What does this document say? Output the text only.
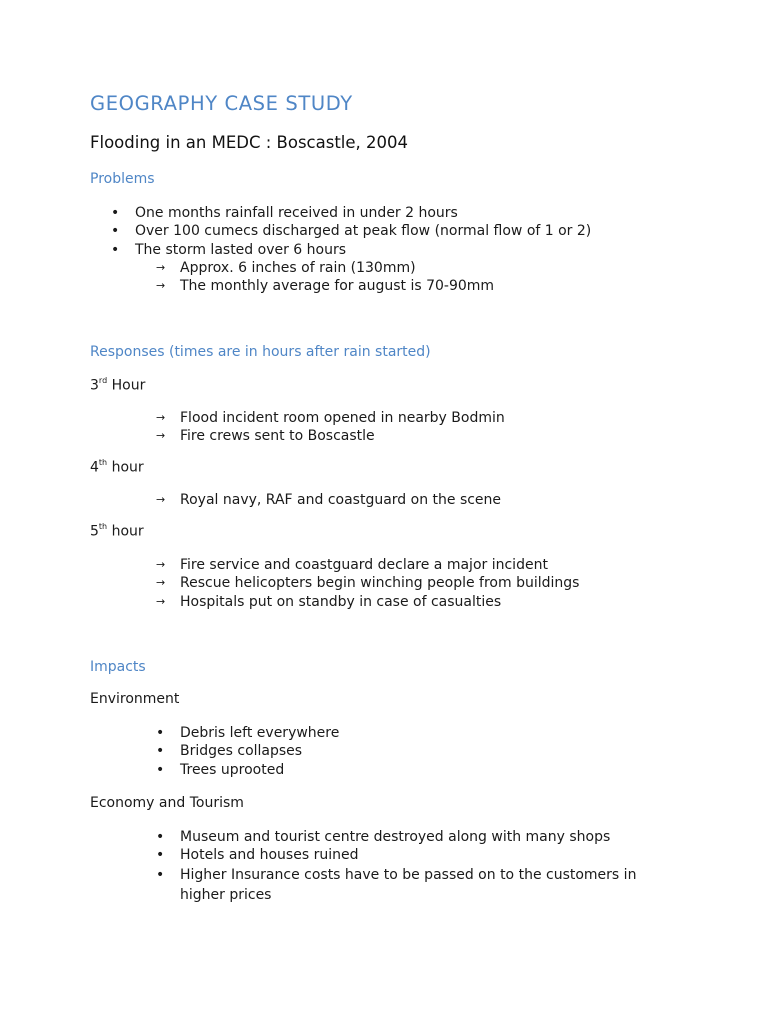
GEOGRAPHY CASE STUDY
Flooding in an MEDC : Boscastle, 2004
Problems
• One months rainfall received in under 2 hours
• Over 100 cumecs discharged at peak flow (normal flow of 1 or 2)
• The storm lasted over 6 hours
→ Approx. 6 inches of rain (130mm)
→ The monthly average for august is 70-90mm
Responses (times are in hours after rain started)
3rd Hour
→ Flood incident room opened in nearby Bodmin
→ Fire crews sent to Boscastle
4th hour
→ Royal navy, RAF and coastguard on the scene
5th hour
→ Fire service and coastguard declare a major incident
→ Rescue helicopters begin winching people from buildings
→ Hospitals put on standby in case of casualties
Impacts
Environment
• Debris left everywhere
• Bridges collapses
• Trees uprooted
Economy and Tourism
• Museum and tourist centre destroyed along with many shops
• Hotels and houses ruined
• Higher Insurance costs have to be passed on to the customers in higher prices
